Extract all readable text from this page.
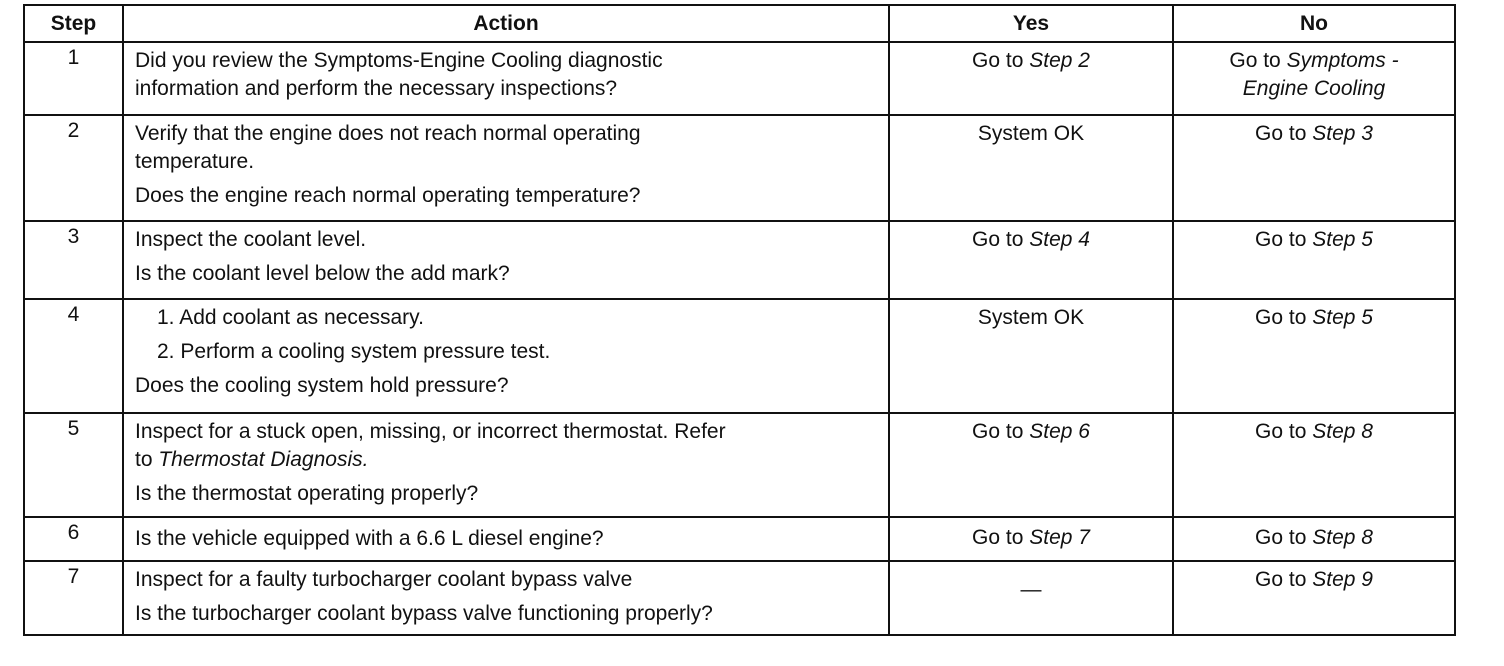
Step	Action	Yes	No
1	Did you review the Symptoms-Engine Cooling diagnostic
information and perform the necessary inspections?	Go to Step 2	Go to Symptoms -
Engine Cooling

2	Verify that the engine does not reach normal operating
temperature.
Does the engine reach normal operating temperature?	System OK	Go to Step 3
3	Inspect the coolant level.
Is the coolant level below the add mark?	Go to Step 4	Go to Step 5
4	1. Add coolant as necessary.
2. Perform a cooling system pressure test.
Does the cooling system hold pressure?	System OK	Go to Step 5
5	Inspect for a stuck open, missing, or incorrect thermostat. Refer
to Thermostat Diagnosis.
Is the thermostat operating properly?	Go to Step 6	Go to Step 8
6	Is the vehicle equipped with a 6.6 L diesel engine?	Go to Step 7	Go to Step 8
7	Inspect for a faulty turbocharger coolant bypass valve
Is the turbocharger coolant bypass valve functioning properly?	—	Go to Step 9
